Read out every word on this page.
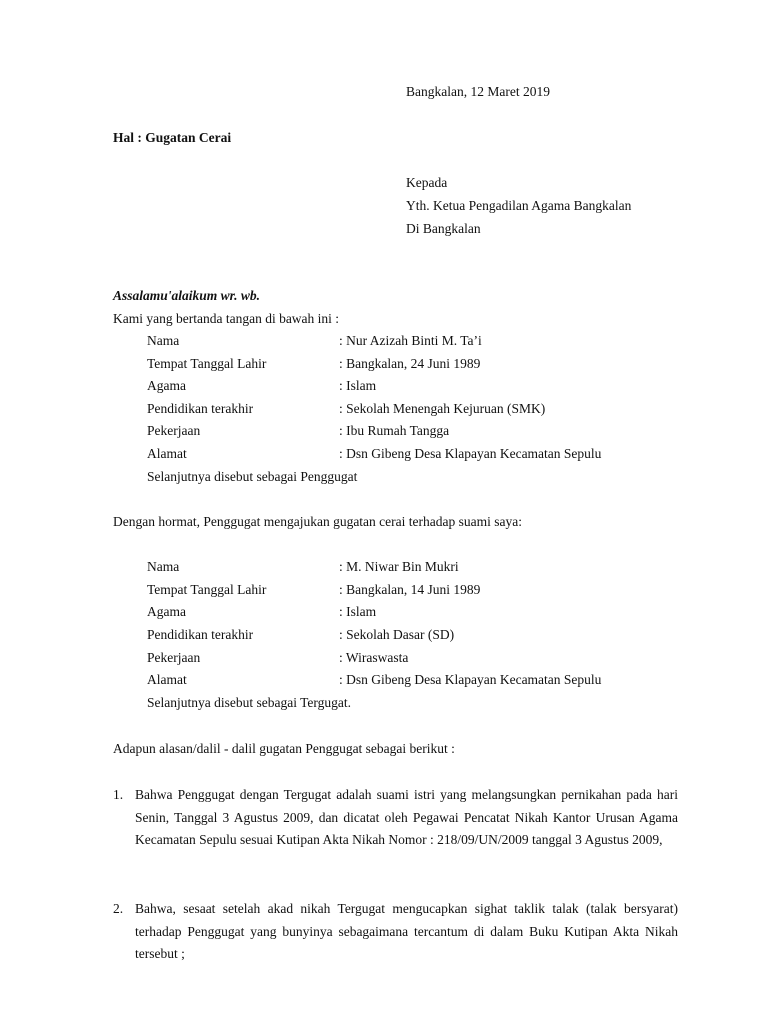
Bangkalan, 12 Maret 2019
Hal : Gugatan Cerai
Kepada
Yth. Ketua Pengadilan Agama Bangkalan
Di Bangkalan
Assalamu'alaikum wr. wb.
Kami yang bertanda tangan di bawah ini :
Nama	: Nur Azizah Binti M. Ta’i
Tempat Tanggal Lahir	: Bangkalan, 24 Juni 1989
Agama	: Islam
Pendidikan terakhir	: Sekolah Menengah Kejuruan (SMK)
Pekerjaan	: Ibu Rumah Tangga
Alamat	: Dsn Gibeng Desa Klapayan Kecamatan Sepulu
Selanjutnya disebut sebagai Penggugat
Dengan hormat, Penggugat mengajukan gugatan cerai terhadap suami saya:
Nama	: M. Niwar Bin Mukri
Tempat Tanggal Lahir	: Bangkalan, 14 Juni 1989
Agama	: Islam
Pendidikan terakhir	: Sekolah Dasar (SD)
Pekerjaan	: Wiraswasta
Alamat	: Dsn Gibeng Desa Klapayan Kecamatan Sepulu
Selanjutnya disebut sebagai Tergugat.
Adapun alasan/dalil - dalil gugatan Penggugat sebagai berikut :
1. Bahwa Penggugat dengan Tergugat adalah suami istri yang melangsungkan pernikahan pada hari Senin, Tanggal 3 Agustus 2009, dan dicatat oleh Pegawai Pencatat Nikah Kantor Urusan Agama Kecamatan Sepulu sesuai Kutipan Akta Nikah Nomor : 218/09/UN/2009 tanggal 3 Agustus 2009,

2. Bahwa, sesaat setelah akad nikah Tergugat mengucapkan sighat taklik talak (talak bersyarat) terhadap Penggugat yang bunyinya sebagaimana tercantum di dalam Buku Kutipan Akta Nikah tersebut ;
